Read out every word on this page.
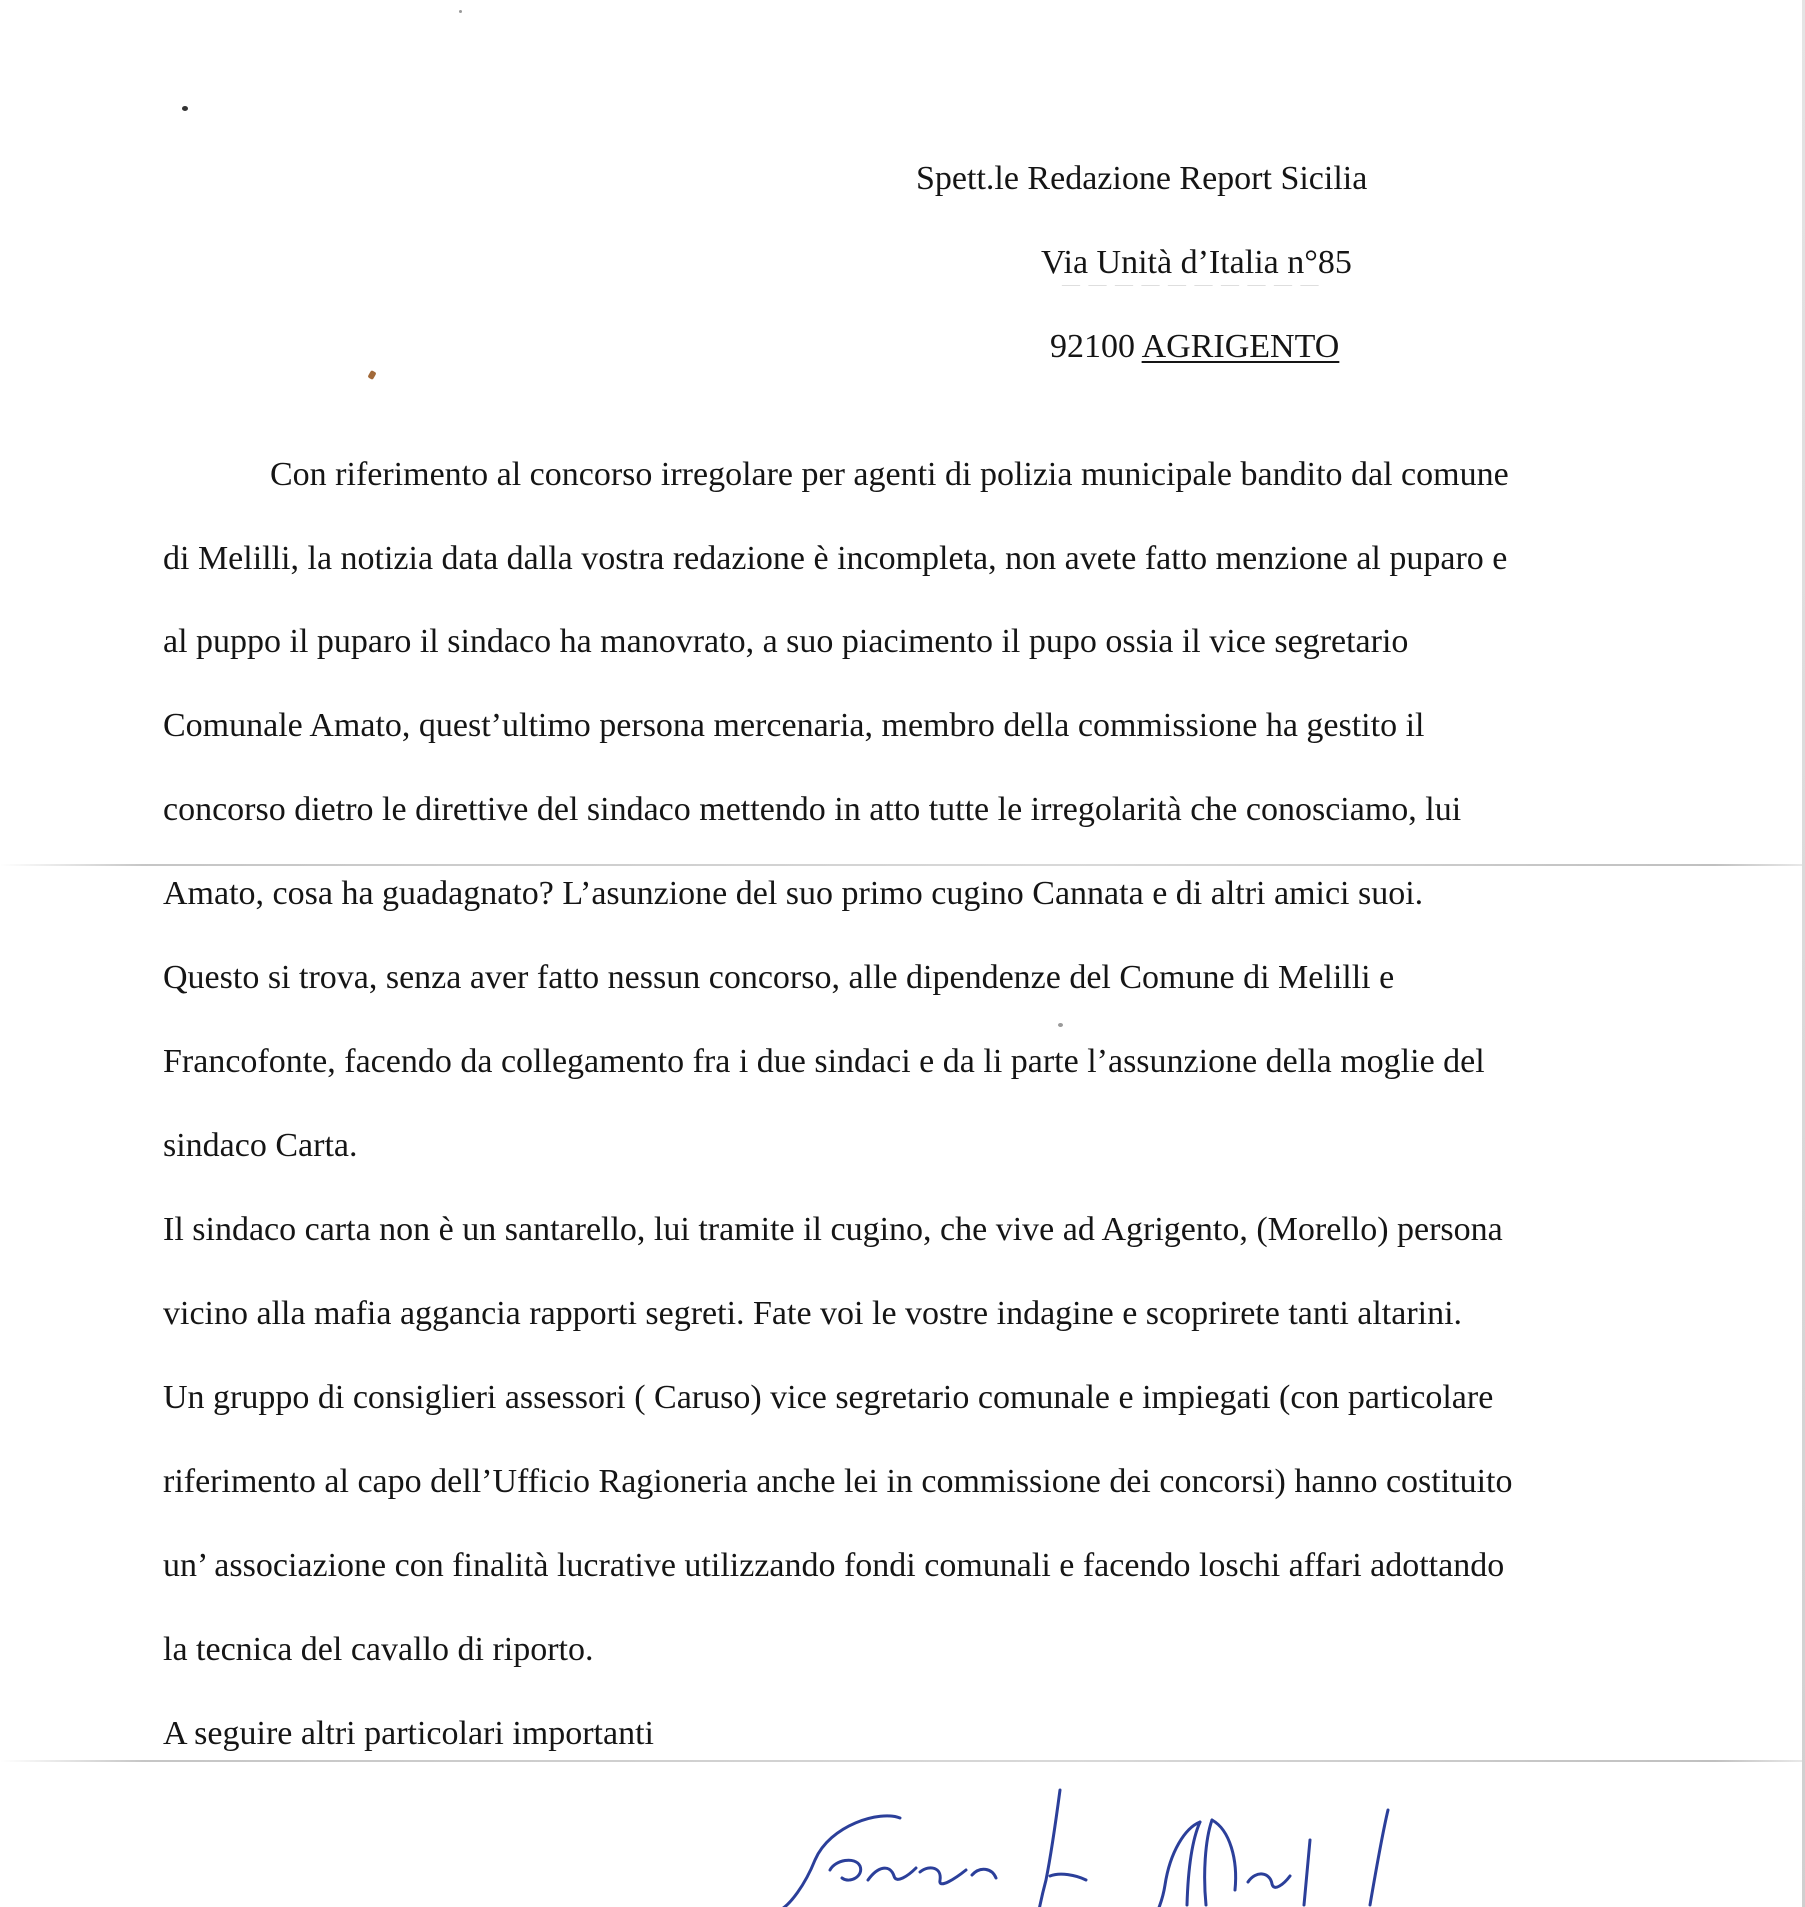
Spett.le Redazione Report Sicilia
Via Unità d’Italia n°85
— — — — — — — — — —
92100 AGRIGENTO
Con riferimento al concorso irregolare per agenti di polizia municipale bandito dal comune
di Melilli, la notizia data dalla vostra redazione è incompleta, non avete fatto menzione al puparo e
al puppo il puparo il sindaco ha manovrato, a suo piacimento il pupo ossia il vice segretario
Comunale Amato, quest’ultimo persona mercenaria, membro della commissione ha gestito il
concorso dietro le direttive del sindaco mettendo in atto tutte le irregolarità che conosciamo, lui
Amato, cosa ha guadagnato? L’asunzione del suo primo cugino Cannata e di altri amici suoi.
Questo si trova, senza aver fatto nessun concorso, alle dipendenze del Comune di Melilli e
Francofonte, facendo da collegamento fra i due sindaci e da li parte l’assunzione della moglie del
sindaco Carta.
Il sindaco carta non è un santarello, lui tramite il cugino, che vive ad Agrigento, (Morello) persona
vicino alla mafia aggancia rapporti segreti. Fate voi le vostre indagine e scoprirete tanti altarini.
Un gruppo di consiglieri assessori ( Caruso) vice segretario comunale e impiegati (con particolare
riferimento al capo dell’Ufficio Ragioneria anche lei in commissione dei concorsi) hanno costituito
un’ associazione con finalità lucrative utilizzando fondi comunali e facendo loschi affari adottando
la tecnica del cavallo di riporto.
A seguire altri particolari importanti
